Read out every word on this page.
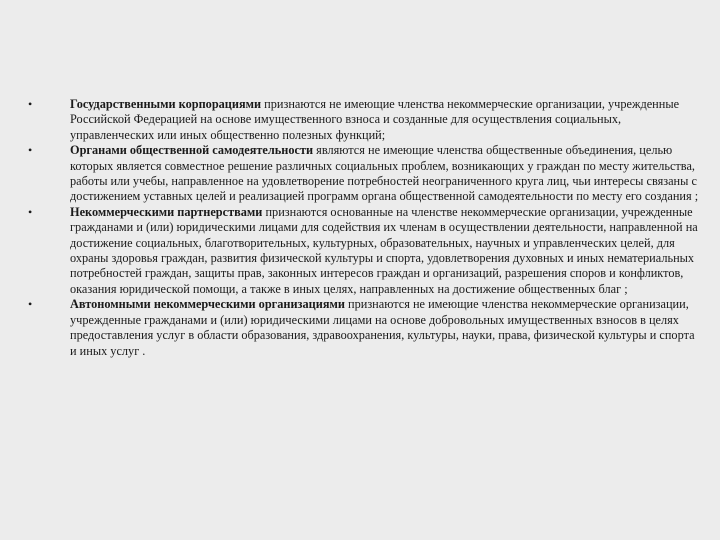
•	Государственными корпорациями признаются не имеющие членства некоммерческие организации, учрежденные Российской Федерацией на основе имущественного взноса и созданные для осуществления социальных, управленческих или иных общественно полезных функций;
•	Органами общественной самодеятельности являются не имеющие членства общественные объединения, целью которых является совместное решение различных социальных проблем, возникающих у граждан по месту жительства, работы или учебы, направленное на удовлетворение потребностей неограниченного круга лиц, чьи интересы связаны с достижением уставных целей и реализацией программ органа общественной самодеятельности по месту его создания ;
•	Некоммерческими партнерствами признаются основанные на членстве некоммерческие организации, учрежденные гражданами и (или) юридическими лицами для содействия их членам в осуществлении деятельности, направленной на достижение социальных, благотворительных, культурных, образовательных, научных и управленческих целей, для охраны здоровья граждан, развития физической культуры и спорта, удовлетворения духовных и иных нематериальных потребностей граждан, защиты прав, законных интересов граждан и организаций, разрешения споров и конфликтов, оказания юридической помощи, а также в иных целях, направленных на достижение общественных благ ;
•	Автономными некоммерческими организациями признаются не имеющие членства некоммерческие организации, учрежденные гражданами и (или) юридическими лицами на основе добровольных имущественных взносов в целях предоставления услуг в области образования, здравоохранения, культуры, науки, права, физической культуры и спорта и иных услуг .
